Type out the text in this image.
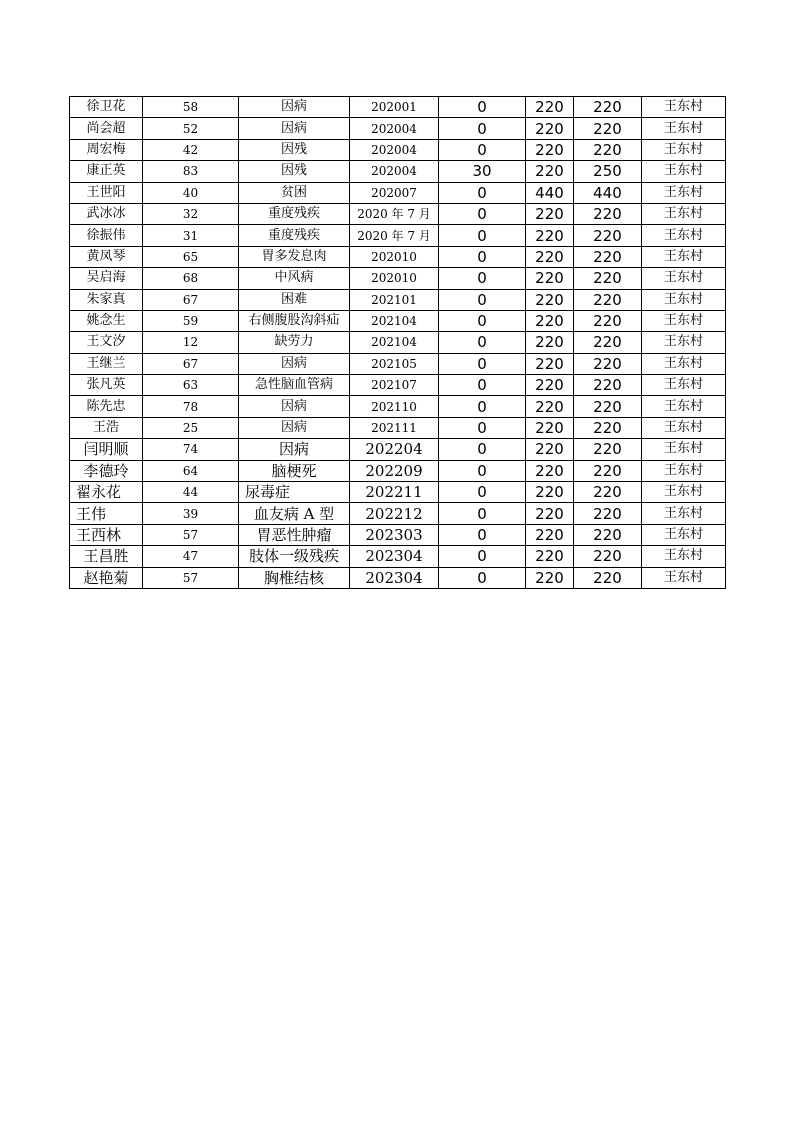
徐卫花	58	因病	202001	0	220	220	王东村
尚会超	52	因病	202004	0	220	220	王东村
周宏梅	42	因残	202004	0	220	220	王东村
康正英	83	因残	202004	30	220	250	王东村
王世阳	40	贫困	202007	0	440	440	王东村
武冰冰	32	重度残疾	2020 年 7 月	0	220	220	王东村
徐振伟	31	重度残疾	2020 年 7 月	0	220	220	王东村
黄凤琴	65	胃多发息肉	202010	0	220	220	王东村
吴启海	68	中风病	202010	0	220	220	王东村
朱家真	67	困难	202101	0	220	220	王东村
姚念生	59	右侧腹股沟斜疝	202104	0	220	220	王东村
王文汐	12	缺劳力	202104	0	220	220	王东村
王继兰	67	因病	202105	0	220	220	王东村
张凡英	63	急性脑血管病	202107	0	220	220	王东村
陈先忠	78	因病	202110	0	220	220	王东村
王浩	25	因病	202111	0	220	220	王东村
闫明顺	74	因病	202204	0	220	220	王东村
李德玲	64	脑梗死	202209	0	220	220	王东村
翟永花	44	尿毒症	202211	0	220	220	王东村
王伟	39	血友病 A 型	202212	0	220	220	王东村
王西林	57	胃恶性肿瘤	202303	0	220	220	王东村
王昌胜	47	肢体一级残疾	202304	0	220	220	王东村
赵艳菊	57	胸椎结核	202304	0	220	220	王东村
